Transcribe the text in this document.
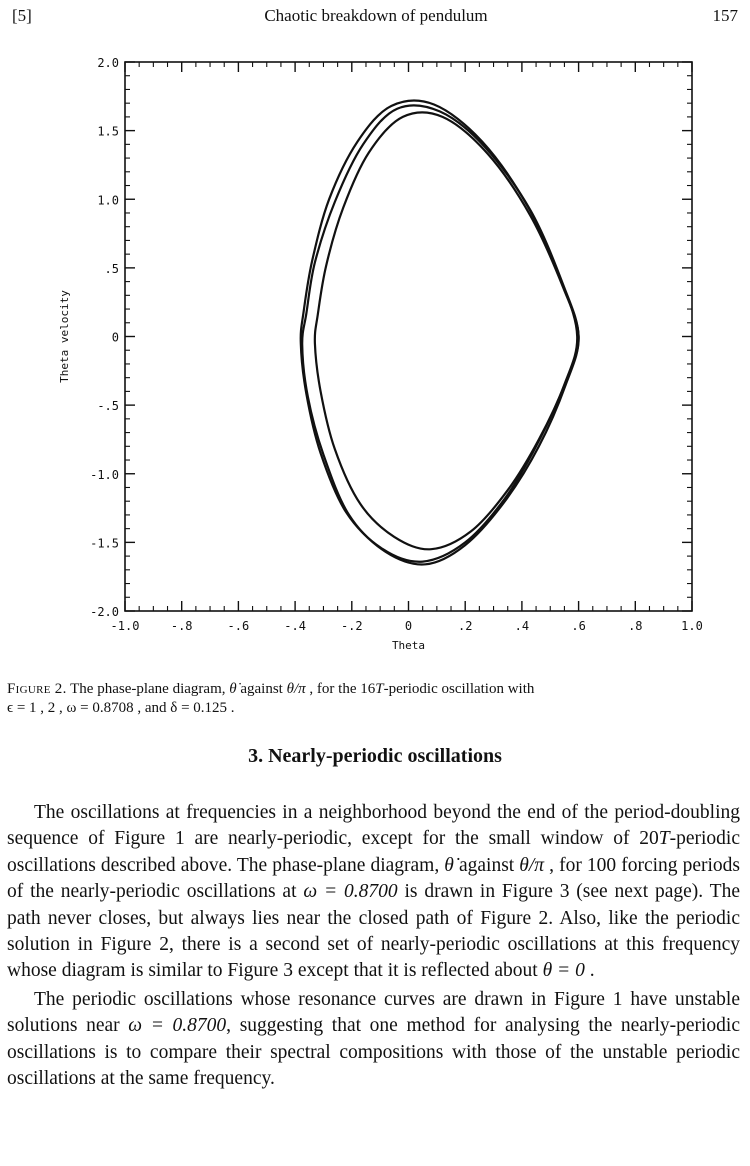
[5]	Chaotic breakdown of pendulum	157
-1.0	-.8	-.6	-.4	-.2	0	.2	.4	.6	.8	1.0
2.0
1.5
1.0
.5
0
-.5
-1.0
-1.5
-2.0
Theta
Theta velocity
Figure 2. The phase-plane diagram, θ̇ against θ/π , for the 16T-periodic oscillation with
ϵ = 1 , 2 , ω = 0.8708 , and δ = 0.125 .
3. Nearly-periodic oscillations

The oscillations at frequencies in a neighborhood beyond the end of the period-doubling sequence of Figure 1 are nearly-periodic, except for the small window of 20T-periodic oscillations described above. The phase-plane diagram, θ̇ against θ/π , for 100 forcing periods of the nearly-periodic oscillations at ω = 0.8700 is drawn in Figure 3 (see next page). The path never closes, but always lies near the closed path of Figure 2. Also, like the periodic solution in Figure 2, there is a second set of nearly-periodic oscillations at this frequency whose diagram is similar to Figure 3 except that it is reflected about θ = 0 .

The periodic oscillations whose resonance curves are drawn in Figure 1 have unstable solutions near ω = 0.8700, suggesting that one method for analysing the nearly-periodic oscillations is to compare their spectral compositions with those of the unstable periodic oscillations at the same frequency.
